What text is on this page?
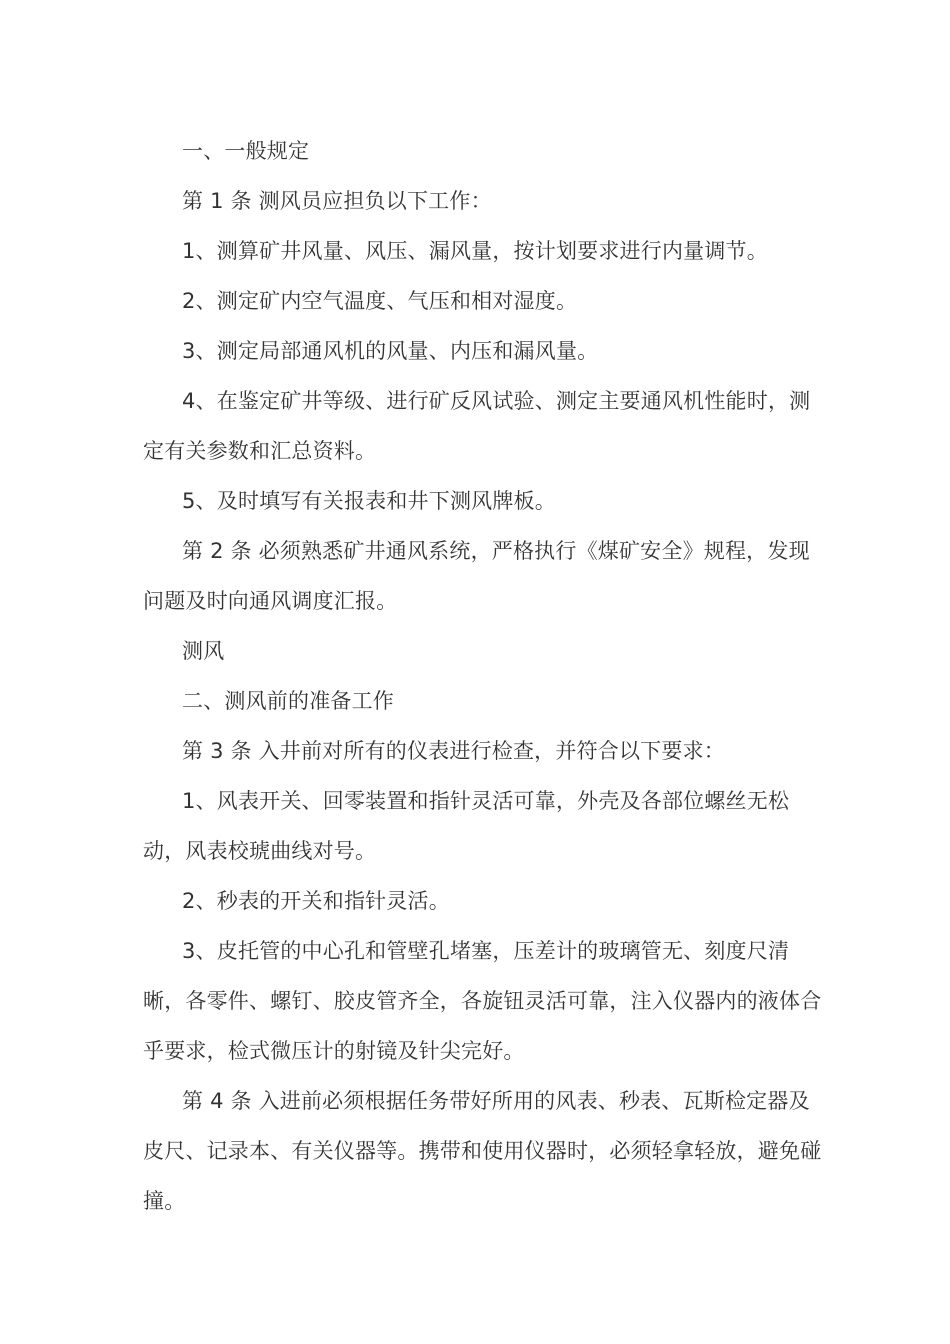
一、一般规定

第 1 条 测风员应担负以下工作：

1、测算矿井风量、风压、漏风量，按计划要求进行内量调节。

2、测定矿内空气温度、气压和相对湿度。

3、测定局部通风机的风量、内压和漏风量。

4、在鉴定矿井等级、进行矿反风试验、测定主要通风机性能时，测定有关参数和汇总资料。

5、及时填写有关报表和井下测风牌板。

第 2 条 必须熟悉矿井通风系统，严格执行《煤矿安全》规程，发现问题及时向通风调度汇报。

测风

二、测风前的准备工作

第 3 条 入井前对所有的仪表进行检查，并符合以下要求：

1、风表开关、回零装置和指针灵活可靠，外壳及各部位螺丝无松动，风表校琥曲线对号。

2、秒表的开关和指针灵活。

3、皮托管的中心孔和管壁孔堵塞，压差计的玻璃管无、刻度尺清晰，各零件、螺钉、胶皮管齐全，各旋钮灵活可靠，注入仪器内的液体合乎要求，检式微压计的射镜及针尖完好。

第 4 条 入进前必须根据任务带好所用的风表、秒表、瓦斯检定器及皮尺、记录本、有关仪器等。携带和使用仪器时，必须轻拿轻放，避免碰撞。
